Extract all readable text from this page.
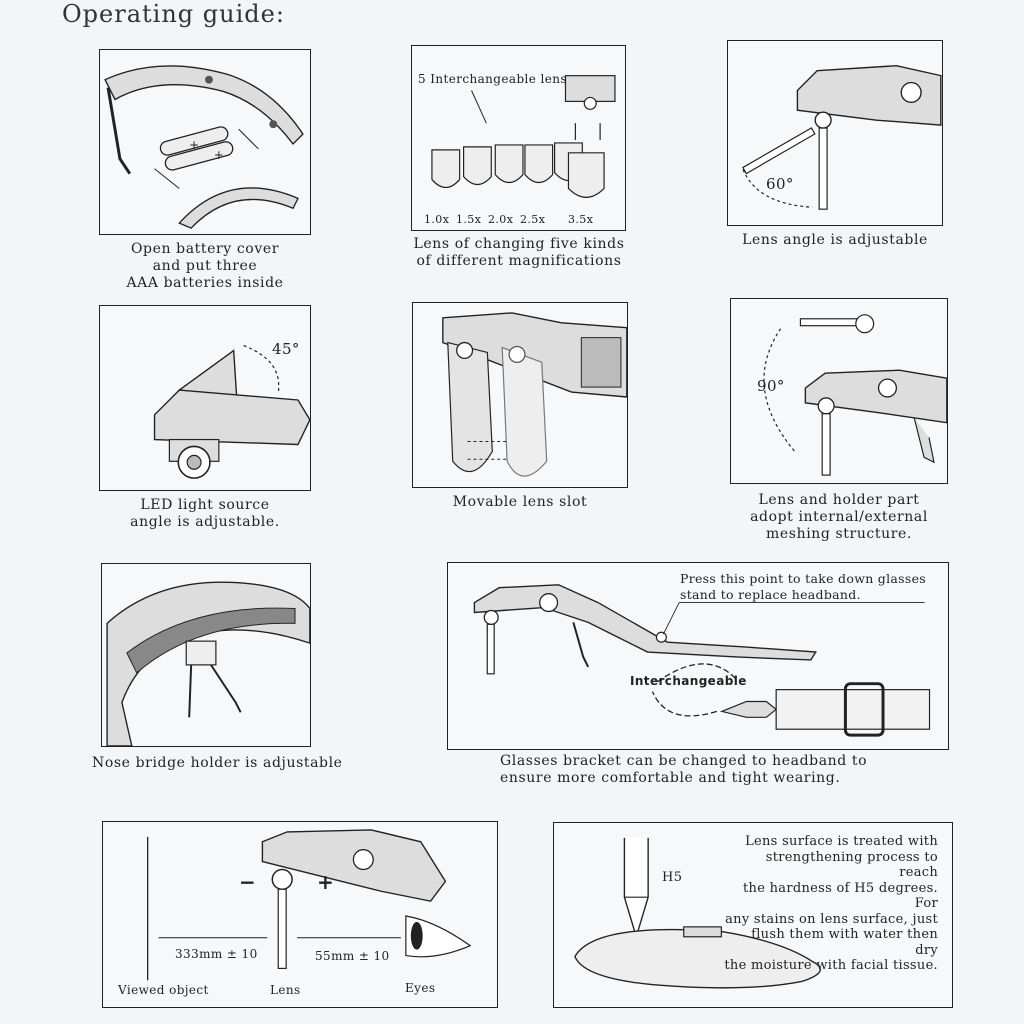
Operating guide:
+
+
Open battery cover
and put three
AAA batteries inside
5 Interchangeable lens
1.0x 1.5x 2.0x 2.5x 3.5x
Lens of changing five kinds
of different magnifications
60°
Lens angle is adjustable
45°
LED light source
angle is adjustable.
Movable lens slot
90°
Lens and holder part
adopt internal/external
meshing structure.
Nose bridge holder is adjustable
Press this point to take down glasses
stand to replace headband.
Interchangeable
Glasses bracket can be changed to headband to
ensure more comfortable and tight wearing.
−	+
333mm ± 10	55mm ± 10
Viewed object	Lens	Eyes
H5
Lens surface is treated with
strengthening process to reach
the hardness of H5 degrees. For
any stains on lens surface, just
flush them with water then dry
the moisture with facial tissue.
